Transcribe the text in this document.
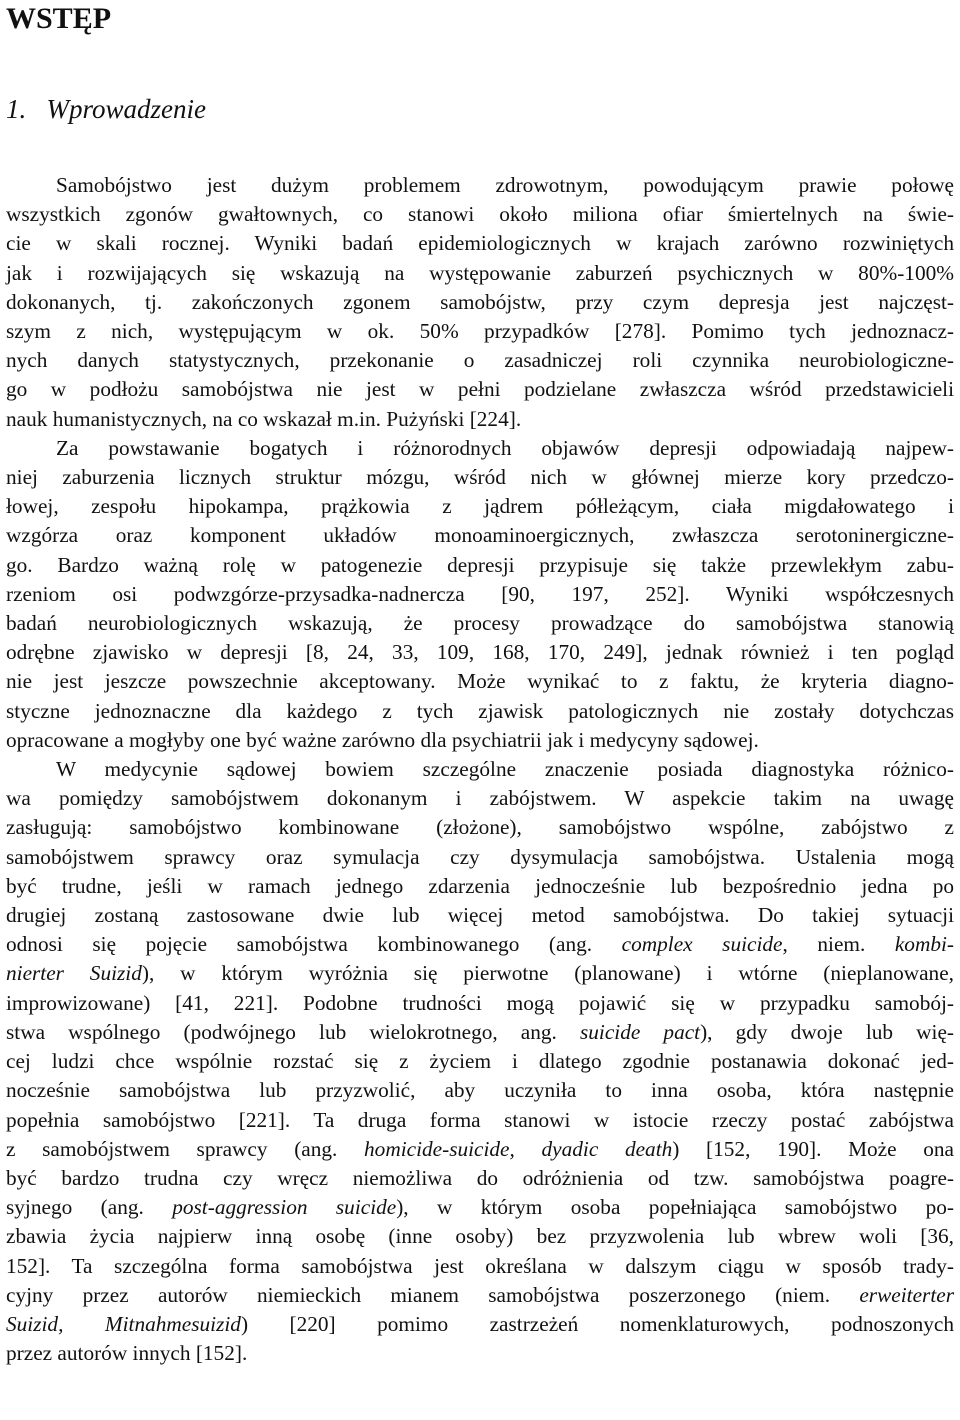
WSTĘP
1. Wprowadzenie
Samobójstwo jest dużym problemem zdrowotnym, powodującym prawie połowę
wszystkich zgonów gwałtownych, co stanowi około miliona ofiar śmiertelnych na świe-
cie w skali rocznej. Wyniki badań epidemiologicznych w krajach zarówno rozwiniętych
jak i rozwijających się wskazują na występowanie zaburzeń psychicznych w 80%-100%
dokonanych, tj. zakończonych zgonem samobójstw, przy czym depresja jest najczęst-
szym z nich, występującym w ok. 50% przypadków [278]. Pomimo tych jednoznacz-
nych danych statystycznych, przekonanie o zasadniczej roli czynnika neurobiologiczne-
go w podłożu samobójstwa nie jest w pełni podzielane zwłaszcza wśród przedstawicieli
nauk humanistycznych, na co wskazał m.in. Pużyński [224].
Za powstawanie bogatych i różnorodnych objawów depresji odpowiadają najpew-
niej zaburzenia licznych struktur mózgu, wśród nich w głównej mierze kory przedczo-
łowej, zespołu hipokampa, prążkowia z jądrem półleżącym, ciała migdałowatego i
wzgórza oraz komponent układów monoaminoergicznych, zwłaszcza serotoninergiczne-
go. Bardzo ważną rolę w patogenezie depresji przypisuje się także przewlekłym zabu-
rzeniom osi podwzgórze-przysadka-nadnercza [90, 197, 252]. Wyniki współczesnych
badań neurobiologicznych wskazują, że procesy prowadzące do samobójstwa stanowią
odrębne zjawisko w depresji [8, 24, 33, 109, 168, 170, 249], jednak również i ten pogląd
nie jest jeszcze powszechnie akceptowany. Może wynikać to z faktu, że kryteria diagno-
styczne jednoznaczne dla każdego z tych zjawisk patologicznych nie zostały dotychczas
opracowane a mogłyby one być ważne zarówno dla psychiatrii jak i medycyny sądowej.
W medycynie sądowej bowiem szczególne znaczenie posiada diagnostyka różnico-
wa pomiędzy samobójstwem dokonanym i zabójstwem. W aspekcie takim na uwagę
zasługują: samobójstwo kombinowane (złożone), samobójstwo wspólne, zabójstwo z
samobójstwem sprawcy oraz symulacja czy dysymulacja samobójstwa. Ustalenia mogą
być trudne, jeśli w ramach jednego zdarzenia jednocześnie lub bezpośrednio jedna po
drugiej zostaną zastosowane dwie lub więcej metod samobójstwa. Do takiej sytuacji
odnosi się pojęcie samobójstwa kombinowanego (ang. complex suicide, niem. kombi-
nierter Suizid), w którym wyróżnia się pierwotne (planowane) i wtórne (nieplanowane,
improwizowane) [41, 221]. Podobne trudności mogą pojawić się w przypadku samobój-
stwa wspólnego (podwójnego lub wielokrotnego, ang. suicide pact), gdy dwoje lub wię-
cej ludzi chce wspólnie rozstać się z życiem i dlatego zgodnie postanawia dokonać jed-
nocześnie samobójstwa lub przyzwolić, aby uczyniła to inna osoba, która następnie
popełnia samobójstwo [221]. Ta druga forma stanowi w istocie rzeczy postać zabójstwa
z samobójstwem sprawcy (ang. homicide-suicide, dyadic death) [152, 190]. Może ona
być bardzo trudna czy wręcz niemożliwa do odróżnienia od tzw. samobójstwa poagre-
syjnego (ang. post-aggression suicide), w którym osoba popełniająca samobójstwo po-
zbawia życia najpierw inną osobę (inne osoby) bez przyzwolenia lub wbrew woli [36,
152]. Ta szczególna forma samobójstwa jest określana w dalszym ciągu w sposób trady-
cyjny przez autorów niemieckich mianem samobójstwa poszerzonego (niem. erweiterter
Suizid, Mitnahmesuizid) [220] pomimo zastrzeżeń nomenklaturowych, podnoszonych
przez autorów innych [152].
